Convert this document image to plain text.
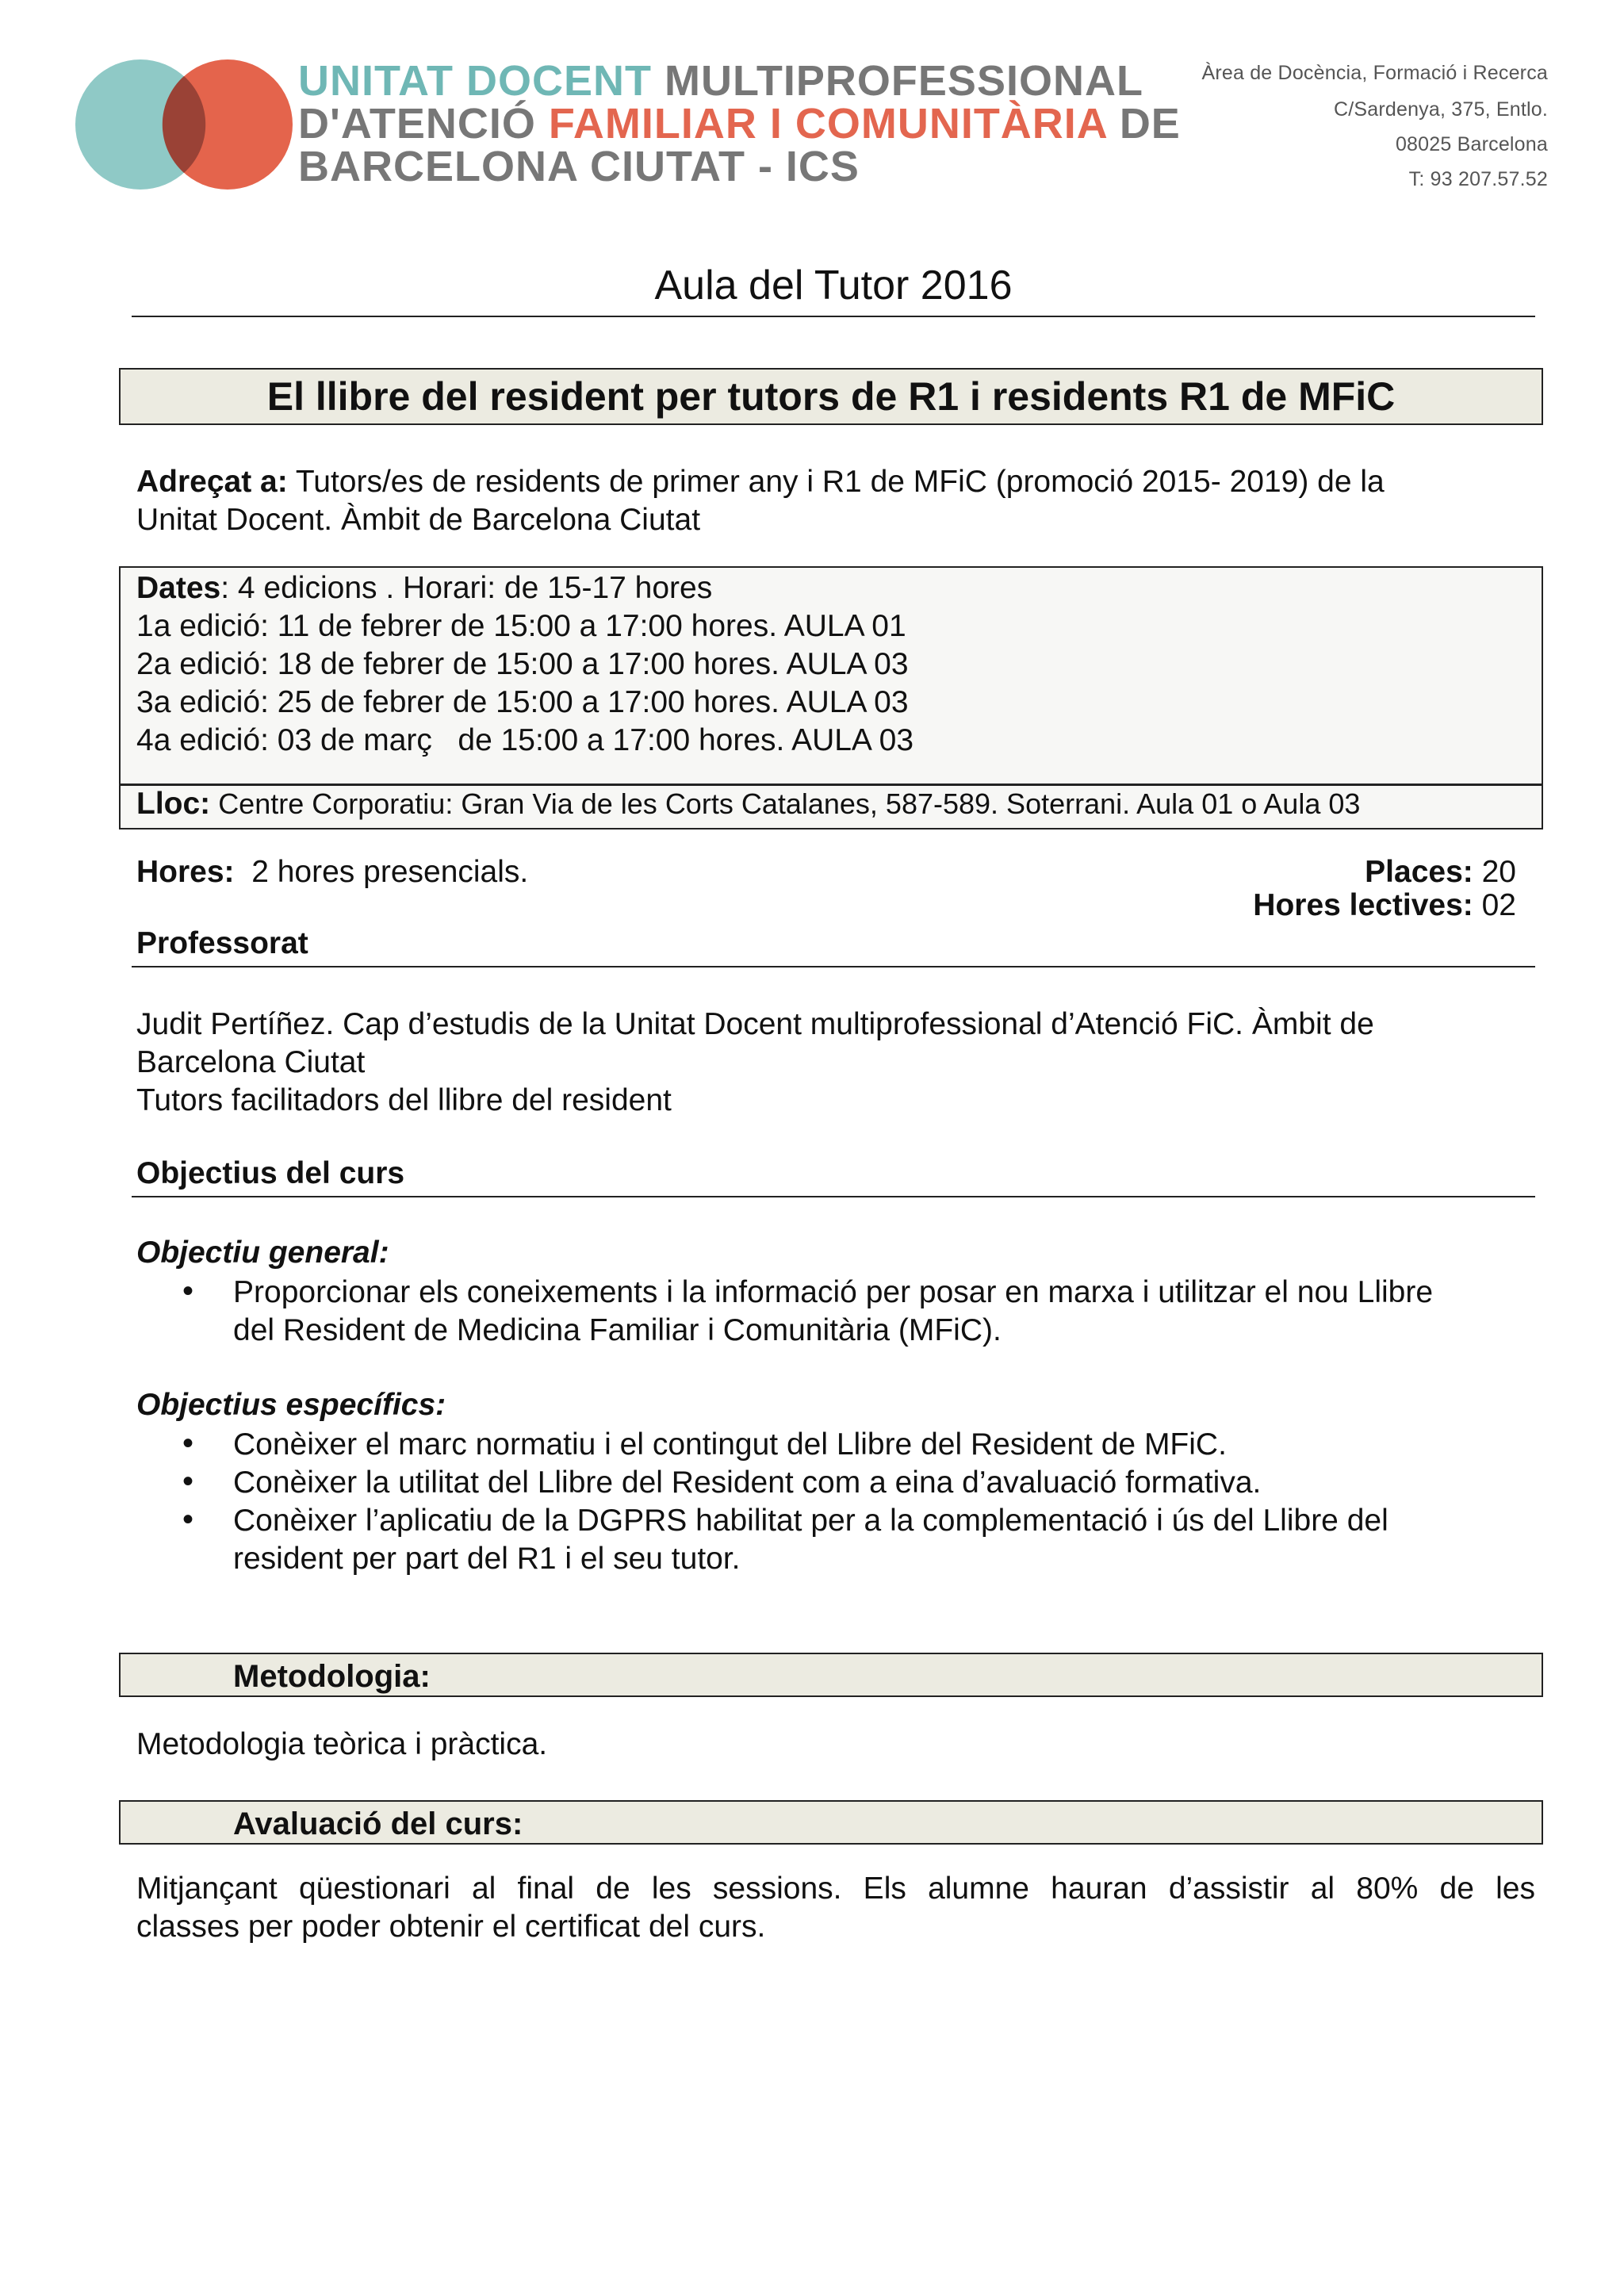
UNITAT DOCENT MULTIPROFESSIONAL
D'ATENCIÓ FAMILIAR I COMUNITÀRIA DE
BARCELONA CIUTAT - ICS
Àrea de Docència, Formació i Recerca
C/Sardenya, 375, Entlo.
08025 Barcelona
T: 93 207.57.52
Aula del Tutor 2016
El llibre del resident per tutors de R1 i residents R1 de MFiC
Adreçat a: Tutors/es de residents de primer any i R1 de MFiC (promoció 2015- 2019) de la
Unitat Docent. Àmbit de Barcelona Ciutat
Dates: 4 edicions . Horari: de 15-17 hores
1a edició: 11 de febrer de 15:00 a 17:00 hores. AULA 01
2a edició: 18 de febrer de 15:00 a 17:00 hores. AULA 03
3a edició: 25 de febrer de 15:00 a 17:00 hores. AULA 03
4a edició: 03 de març   de 15:00 a 17:00 hores. AULA 03
Lloc: Centre Corporatiu: Gran Via de les Corts Catalanes, 587-589. Soterrani. Aula 01 o Aula 03
Hores: 2 hores presencials.	Places: 20
Hores lectives: 02
Professorat
Judit Pertíñez. Cap d’estudis de la Unitat Docent multiprofessional d’Atenció FiC. Àmbit de
Barcelona Ciutat
Tutors facilitadors del llibre del resident
Objectius del curs
Objectiu general:
• Proporcionar els coneixements i la informació per posar en marxa i utilitzar el nou Llibre
del Resident de Medicina Familiar i Comunitària (MFiC).
Objectius específics:
• Conèixer el marc normatiu i el contingut del Llibre del Resident de MFiC.
• Conèixer la utilitat del Llibre del Resident com a eina d’avaluació formativa.
• Conèixer l’aplicatiu de la DGPRS habilitat per a la complementació i ús del Llibre del
resident per part del R1 i el seu tutor.
Metodologia:
Metodologia teòrica i pràctica.
Avaluació del curs:
Mitjançant qüestionari al final de les sessions. Els alumne hauran d’assistir al 80% de les
classes per poder obtenir el certificat del curs.
